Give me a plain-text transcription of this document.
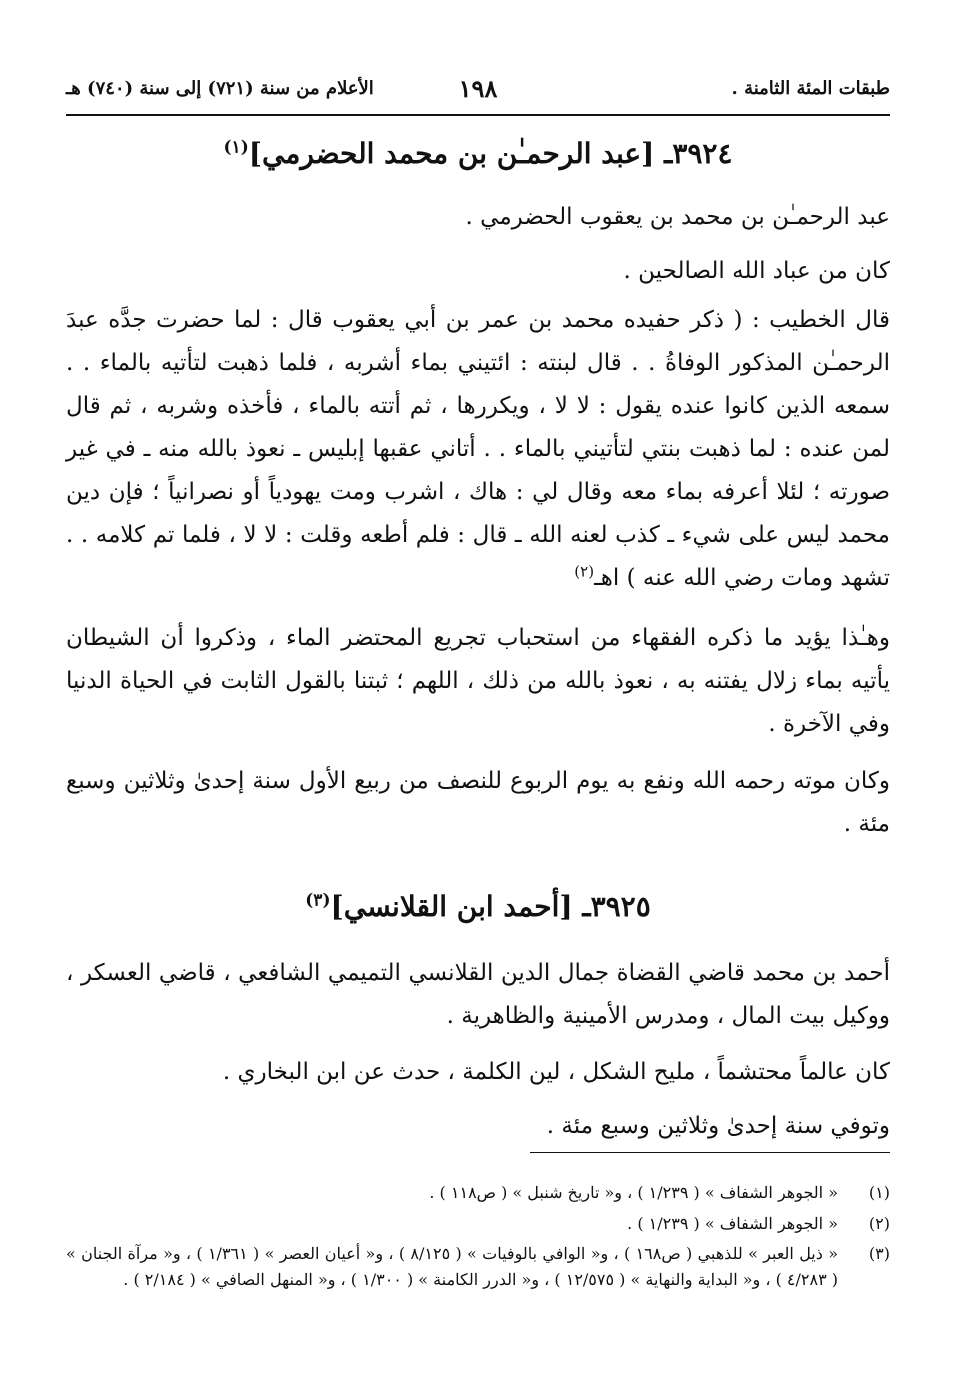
طبقات المئة الثامنة .
١٩٨
الأعلام من سنة (٧٢١) إلى سنة (٧٤٠) هـ
٣٩٢٤ـ [عبد الرحمـٰن بن محمد الحضرمي]$^{(١)}$
عبد الرحمـٰن بن محمد بن يعقوب الحضرمي .
كان من عباد الله الصالحين .
قال الخطيب : ( ذكر حفيده محمد بن عمر بن أبي يعقوب قال : لما حضرت جدَّه عبدَ الرحمـٰن المذكور الوفاةُ . . قال لبنته : ائتيني بماء أشربه ، فلما ذهبت لتأتيه بالماء . . سمعه الذين كانوا عنده يقول : لا لا ، ويكررها ، ثم أتته بالماء ، فأخذه وشربه ، ثم قال لمن عنده : لما ذهبت بنتي لتأتيني بالماء . . أتاني عقبها إبليس ـ نعوذ بالله منه ـ في غير صورته ؛ لئلا أعرفه بماء معه وقال لي : هاك ، اشرب ومت يهودياً أو نصرانياً ؛ فإن دين محمد ليس على شيء ـ كذب لعنه الله ـ قال : فلم أطعه وقلت : لا لا ، فلما تم كلامه . . تشهد ومات رضي الله عنه ) اهـ$^{(٢)}$
وهـٰذا يؤيد ما ذكره الفقهاء من استحباب تجريع المحتضر الماء ، وذكروا أن الشيطان يأتيه بماء زلال يفتنه به ، نعوذ بالله من ذلك ، اللهم ؛ ثبتنا بالقول الثابت في الحياة الدنيا وفي الآخرة .
وكان موته رحمه الله ونفع به يوم الربوع للنصف من ربيع الأول سنة إحدىٰ وثلاثين وسبع مئة .
٣٩٢٥ـ [أحمد ابن القلانسي]$^{(٣)}$
أحمد بن محمد قاضي القضاة جمال الدين القلانسي التميمي الشافعي ، قاضي العسكر ، ووكيل بيت المال ، ومدرس الأمينية والظاهرية .
كان عالماً محتشماً ، مليح الشكل ، لين الكلمة ، حدث عن ابن البخاري .
وتوفي سنة إحدىٰ وثلاثين وسبع مئة .
(١)
« الجوهر الشفاف » ( ١/٢٣٩ ) ، و« تاريخ شنبل » ( ص١١٨ ) .
(٢)
« الجوهر الشفاف » ( ١/٢٣٩ ) .
(٣)
« ذيل العبر » للذهبي ( ص١٦٨ ) ، و« الوافي بالوفيات » ( ٨/١٢٥ ) ، و« أعيان العصر » ( ١/٣٦١ ) ، و« مرآة الجنان » ( ٤/٢٨٣ ) ، و« البداية والنهاية » ( ١٢/٥٧٥ ) ، و« الدرر الكامنة » ( ١/٣٠٠ ) ، و« المنهل الصافي » ( ٢/١٨٤ ) .
